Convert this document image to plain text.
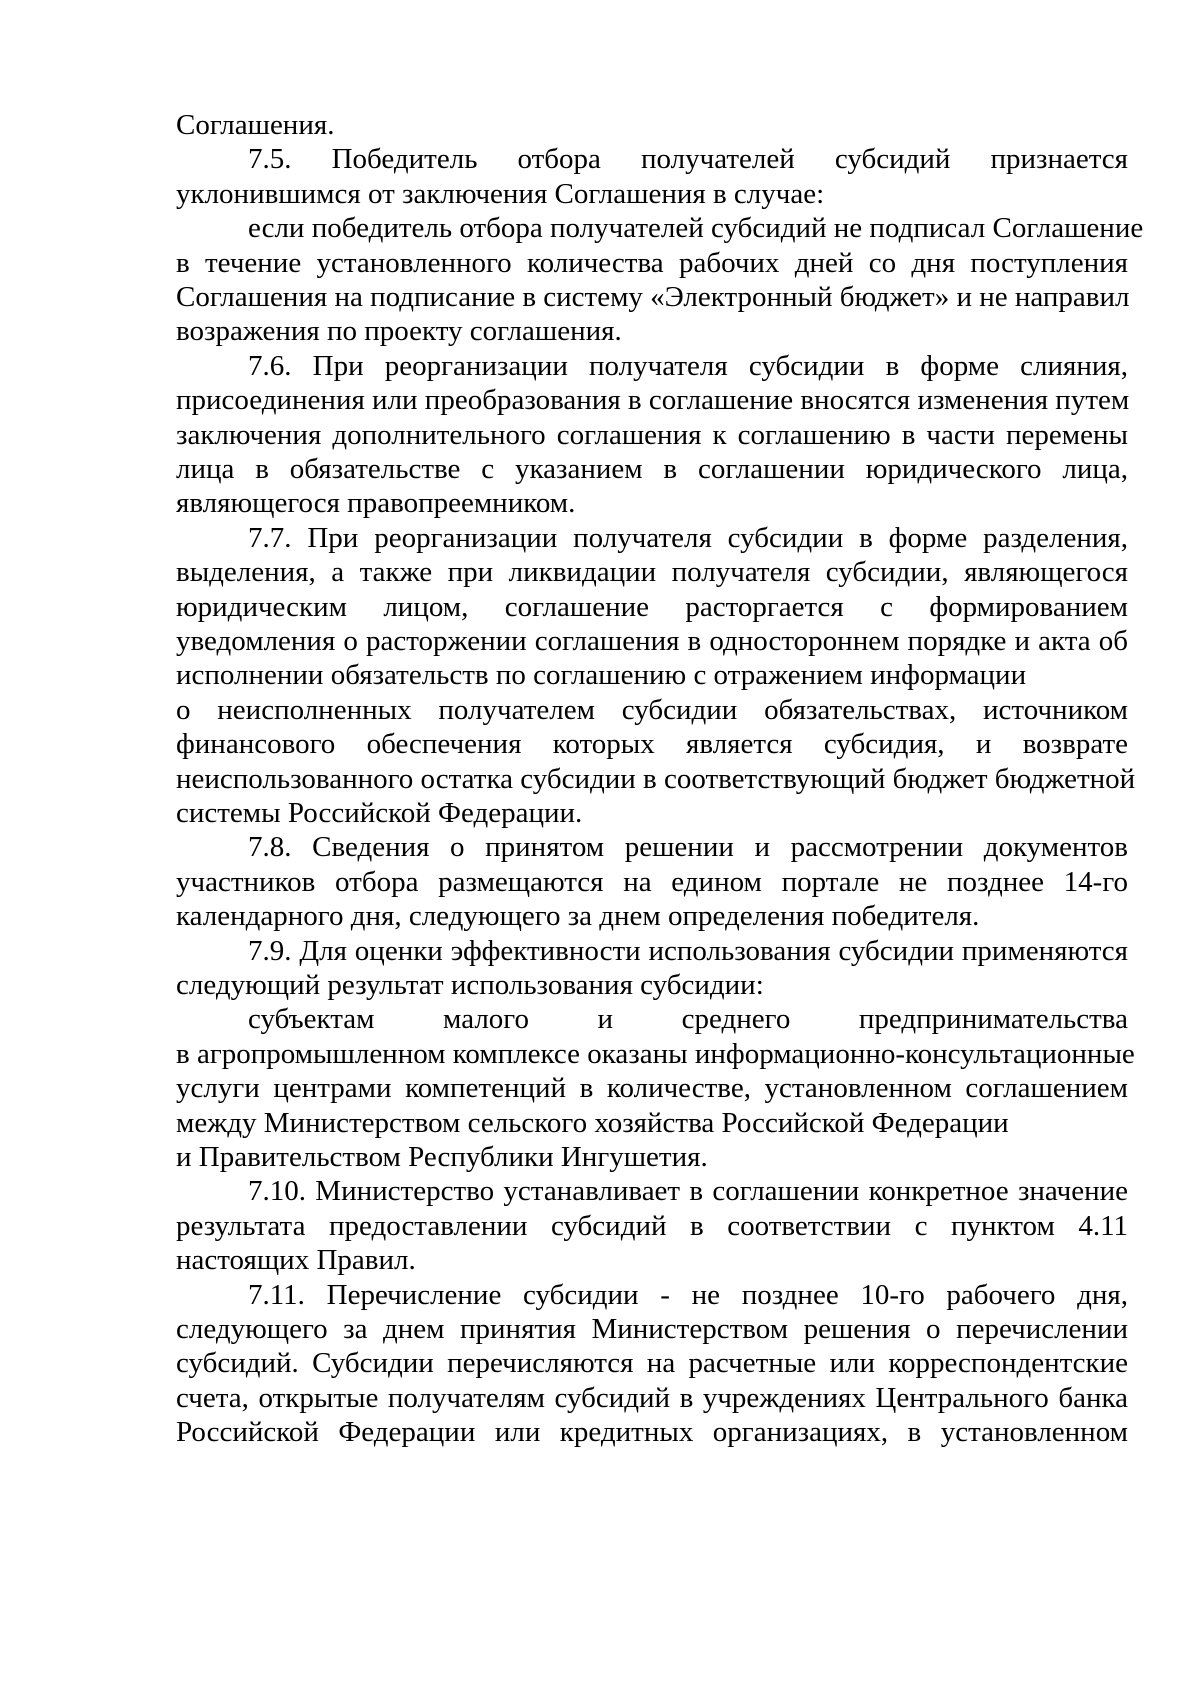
Соглашения.
7.5. Победитель отбора получателей субсидий признается
уклонившимся от заключения Соглашения в случае:
если победитель отбора получателей субсидий не подписал Соглашение
в течение установленного количества рабочих дней со дня поступления
Соглашения на подписание в систему «Электронный бюджет» и не направил
возражения по проекту соглашения.
7.6. При реорганизации получателя субсидии в форме слияния,
присоединения или преобразования в соглашение вносятся изменения путем
заключения дополнительного соглашения к соглашению в части перемены
лица в обязательстве с указанием в соглашении юридического лица,
являющегося правопреемником.
7.7. При реорганизации получателя субсидии в форме разделения,
выделения, а также при ликвидации получателя субсидии, являющегося
юридическим лицом, соглашение расторгается с формированием
уведомления о расторжении соглашения в одностороннем порядке и акта об
исполнении обязательств по соглашению с отражением информации
о неисполненных получателем субсидии обязательствах, источником
финансового обеспечения которых является субсидия, и возврате
неиспользованного остатка субсидии в соответствующий бюджет бюджетной
системы Российской Федерации.
7.8. Сведения о принятом решении и рассмотрении документов
участников отбора размещаются на едином портале не позднее 14-го
календарного дня, следующего за днем определения победителя.
7.9. Для оценки эффективности использования субсидии применяются
следующий результат использования субсидии:
субъектам малого и среднего предпринимательства
в агропромышленном комплексе оказаны информационно-консультационные
услуги центрами компетенций в количестве, установленном соглашением
между Министерством сельского хозяйства Российской Федерации
и Правительством Республики Ингушетия.
7.10. Министерство устанавливает в соглашении конкретное значение
результата предоставлении субсидий в соответствии с пунктом 4.11
настоящих Правил.
7.11. Перечисление субсидии - не позднее 10-го рабочего дня,
следующего за днем принятия Министерством решения о перечислении
субсидий. Субсидии перечисляются на расчетные или корреспондентские
счета, открытые получателям субсидий в учреждениях Центрального банка
Российской Федерации или кредитных организациях, в установленном
